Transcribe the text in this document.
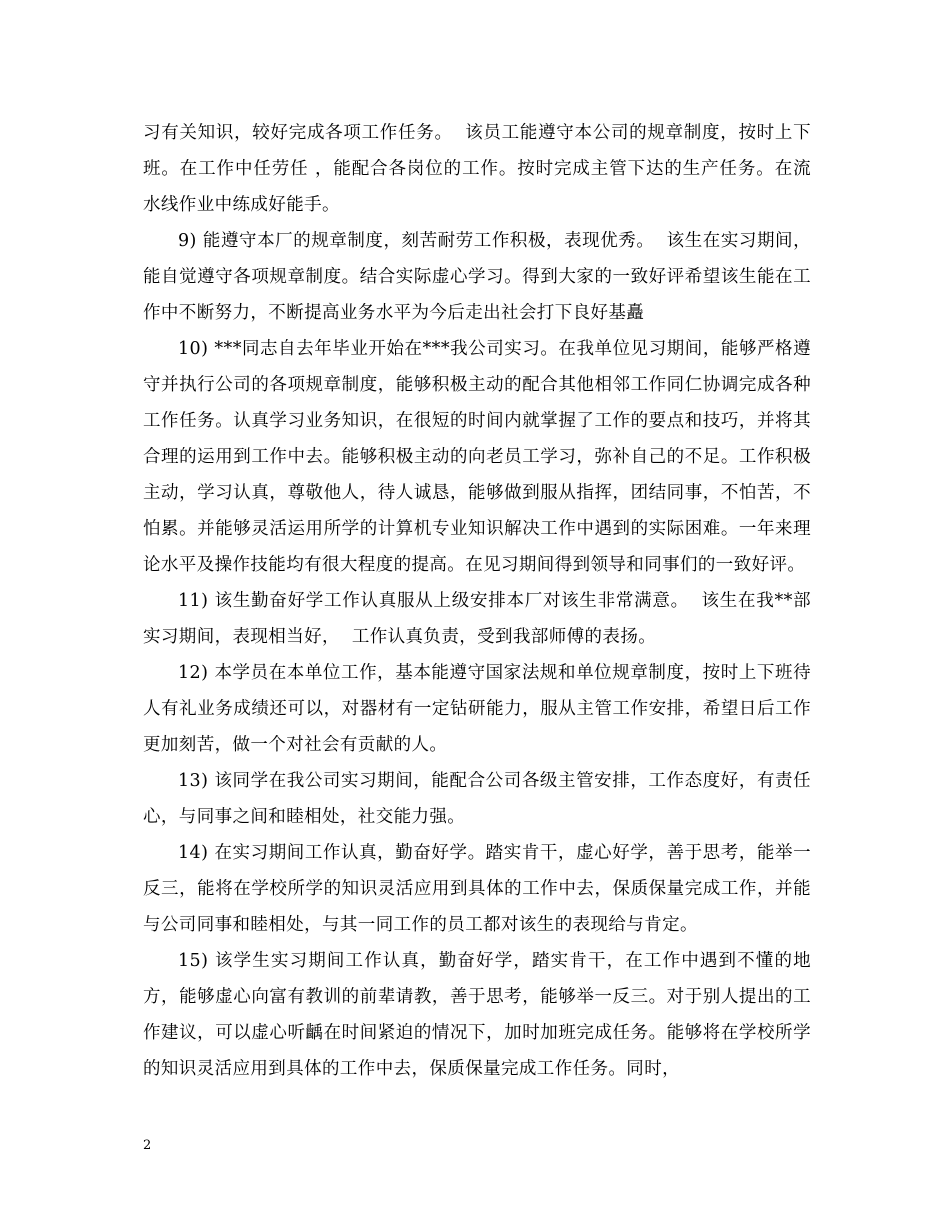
习有关知识，较好完成各项工作任务。  该员工能遵守本公司的规章制度，按时上下班。在工作中任劳任 ，能配合各岗位的工作。按时完成主管下达的生产任务。在流水线作业中练成好能手。

9) 能遵守本厂的规章制度，刻苦耐劳工作积极，表现优秀。  该生在实习期间，能自觉遵守各项规章制度。结合实际虚心学习。得到大家的一致好评希望该生能在工作中不断努力，不断提高业务水平为今后走出社会打下良好基矗

10) ***同志自去年毕业开始在***我公司实习。在我单位见习期间，能够严格遵守并执行公司的各项规章制度，能够积极主动的配合其他相邻工作同仁协调完成各种工作任务。认真学习业务知识，在很短的时间内就掌握了工作的要点和技巧，并将其合理的运用到工作中去。能够积极主动的向老员工学习，弥补自己的不足。工作积极主动，学习认真，尊敬他人，待人诚恳，能够做到服从指挥，团结同事，不怕苦，不怕累。并能够灵活运用所学的计算机专业知识解决工作中遇到的实际困难。一年来理论水平及操作技能均有很大程度的提高。在见习期间得到领导和同事们的一致好评。

11) 该生勤奋好学工作认真服从上级安排本厂对该生非常满意。  该生在我**部实习期间，表现相当好，  工作认真负责，受到我部师傅的表扬。

12) 本学员在本单位工作，基本能遵守国家法规和单位规章制度，按时上下班待人有礼业务成绩还可以，对器材有一定钻研能力，服从主管工作安排，希望日后工作更加刻苦，做一个对社会有贡献的人。

13) 该同学在我公司实习期间，能配合公司各级主管安排，工作态度好，有责任心，与同事之间和睦相处，社交能力强。

14) 在实习期间工作认真，勤奋好学。踏实肯干，虚心好学，善于思考，能举一反三，能将在学校所学的知识灵活应用到具体的工作中去，保质保量完成工作，并能与公司同事和睦相处，与其一同工作的员工都对该生的表现给与肯定。

15) 该学生实习期间工作认真，勤奋好学，踏实肯干，在工作中遇到不懂的地方，能够虚心向富有教训的前辈请教，善于思考，能够举一反三。对于别人提出的工作建议，可以虚心听齲在时间紧迫的情况下，加时加班完成任务。能够将在学校所学的知识灵活应用到具体的工作中去，保质保量完成工作任务。同时，

2
